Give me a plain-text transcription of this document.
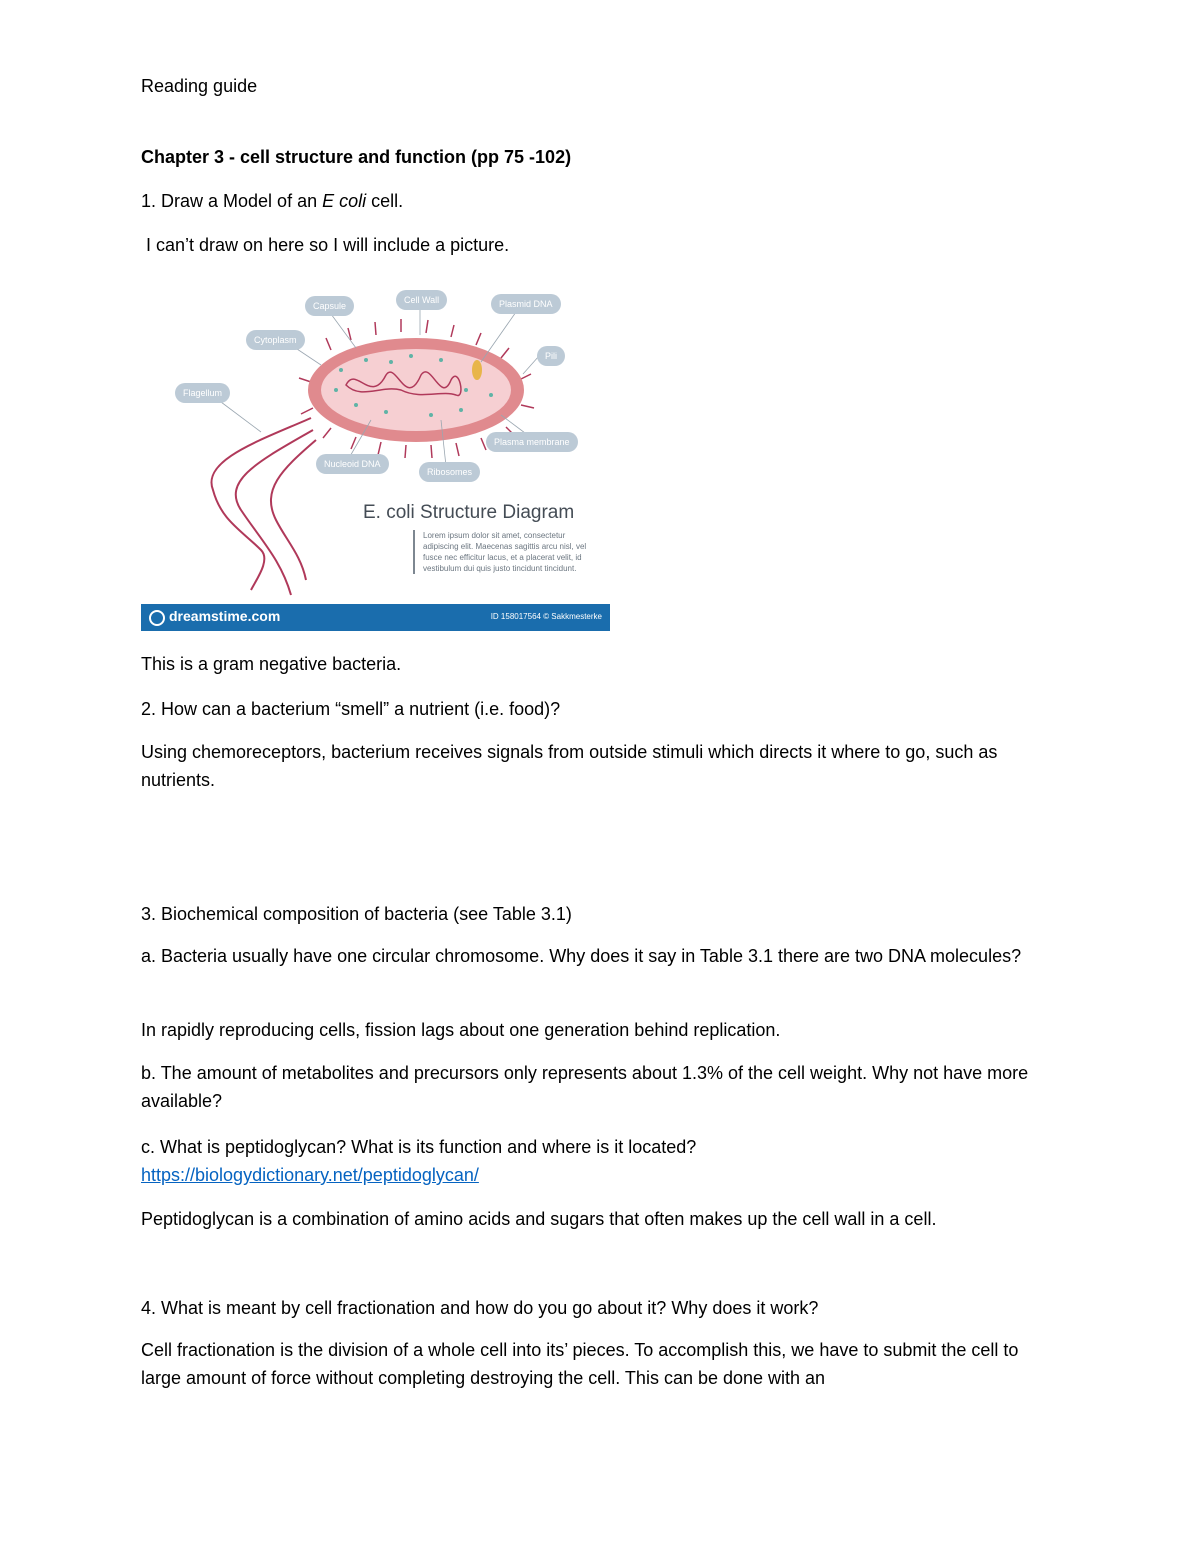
Reading guide
Chapter 3 - cell structure and function (pp 75 -102)
1. Draw a Model of an E coli cell.
I can’t draw on here so I will include a picture.
Capsule
Cell Wall	Plasmid DNA
Cytoplasm
Pili
Flagellum
Plasma membrane
Nucleoid DNA
Ribosomes
E. coli Structure Diagram
Lorem ipsum dolor sit amet, consectetur adipiscing elit. Maecenas sagittis arcu nisl, vel fusce nec efficitur lacus, et a placerat velit, id vestibulum dui quis justo tincidunt tincidunt.
dreamstime.com	ID 158017564 © Sakkmesterke
This is a gram negative bacteria.
2. How can a bacterium “smell” a nutrient (i.e. food)?
Using chemoreceptors, bacterium receives signals from outside stimuli which directs it where to go, such as nutrients.
3. Biochemical composition of bacteria (see Table 3.1)
a. Bacteria usually have one circular chromosome. Why does it say in Table 3.1 there are two DNA molecules?
In rapidly reproducing cells, fission lags about one generation behind replication.
b. The amount of metabolites and precursors only represents about 1.3% of the cell weight. Why not have more available?
c. What is peptidoglycan? What is its function and where is it located?
https://biologydictionary.net/peptidoglycan/
Peptidoglycan is a combination of amino acids and sugars that often makes up the cell wall in a cell.
4. What is meant by cell fractionation and how do you go about it? Why does it work?
Cell fractionation is the division of a whole cell into its’ pieces. To accomplish this, we have to submit the cell to large amount of force without completing destroying the cell. This can be done with an
